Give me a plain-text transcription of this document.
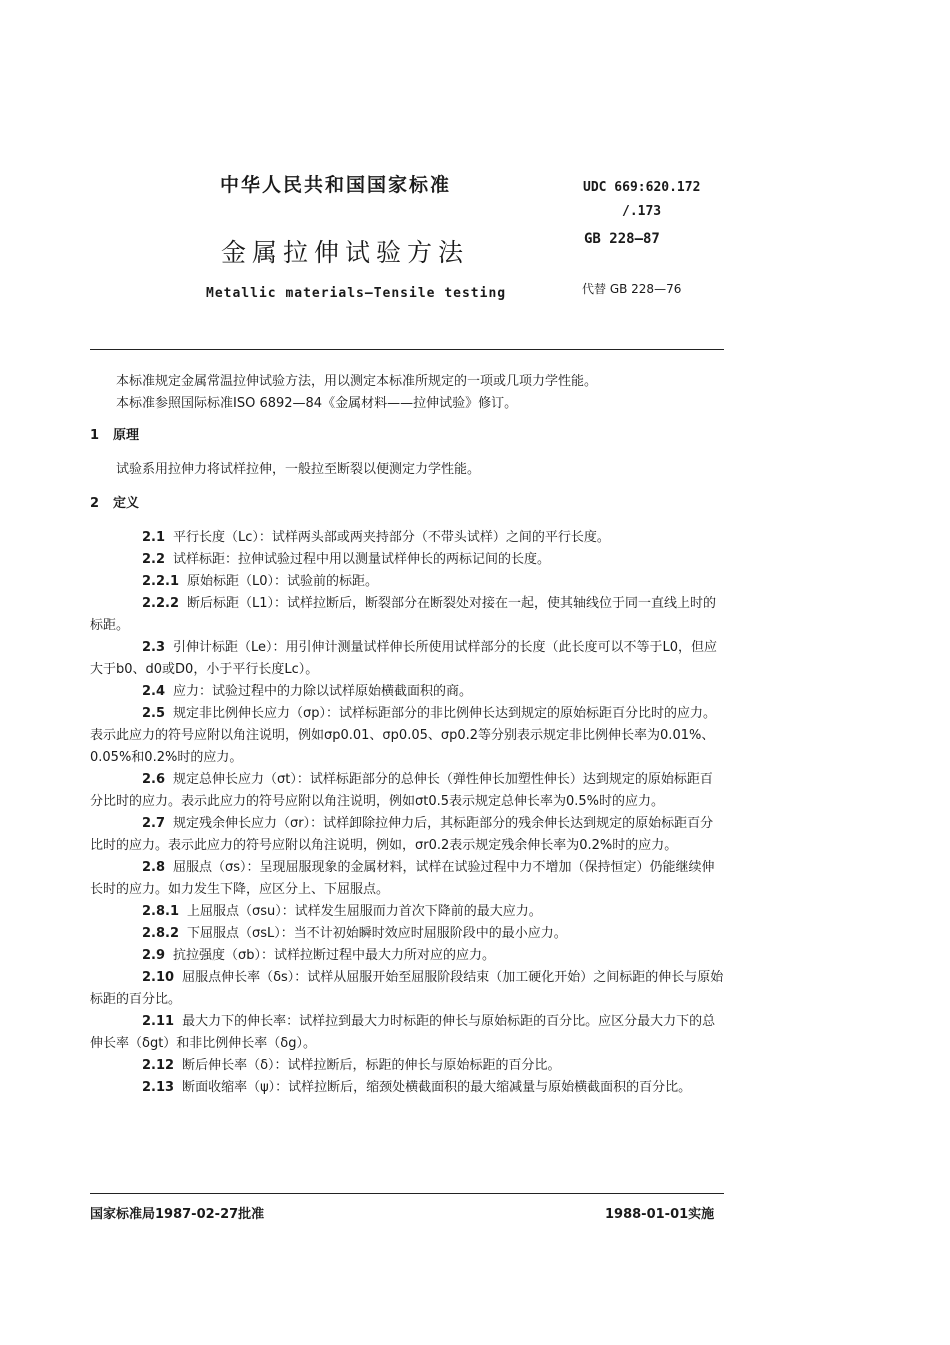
中华人民共和国国家标准	UDC 669:620.172
/.173
金属拉伸试验方法	GB 228—87
Metallic materials—Tensile testing	代替 GB 228—76

本标准规定金属常温拉伸试验方法，用以测定本标准所规定的一项或几项力学性能。

本标准参照国际标准ISO 6892—84《金属材料——拉伸试验》修订。

1 原理

试验系用拉伸力将试样拉伸，一般拉至断裂以便测定力学性能。

2 定义

2.1 平行长度（Lc）：试样两头部或两夹持部分（不带头试样）之间的平行长度。

2.2 试样标距：拉伸试验过程中用以测量试样伸长的两标记间的长度。

2.2.1 原始标距（L0）：试验前的标距。

2.2.2 断后标距（L1）：试样拉断后，断裂部分在断裂处对接在一起，使其轴线位于同一直线上时的标距。

2.3 引伸计标距（Le）：用引伸计测量试样伸长所使用试样部分的长度（此长度可以不等于L0，但应大于b0、d0或D0，小于平行长度Lc）。

2.4 应力：试验过程中的力除以试样原始横截面积的商。

2.5 规定非比例伸长应力（σp）：试样标距部分的非比例伸长达到规定的原始标距百分比时的应力。表示此应力的符号应附以角注说明，例如σp0.01、σp0.05、σp0.2等分别表示规定非比例伸长率为0.01%、0.05%和0.2%时的应力。

2.6 规定总伸长应力（σt）：试样标距部分的总伸长（弹性伸长加塑性伸长）达到规定的原始标距百分比时的应力。表示此应力的符号应附以角注说明，例如σt0.5表示规定总伸长率为0.5%时的应力。

2.7 规定残余伸长应力（σr）：试样卸除拉伸力后，其标距部分的残余伸长达到规定的原始标距百分比时的应力。表示此应力的符号应附以角注说明，例如，σr0.2表示规定残余伸长率为0.2%时的应力。

2.8 屈服点（σs）：呈现屈服现象的金属材料，试样在试验过程中力不增加（保持恒定）仍能继续伸长时的应力。如力发生下降，应区分上、下屈服点。

2.8.1 上屈服点（σsu）：试样发生屈服而力首次下降前的最大应力。

2.8.2 下屈服点（σsL）：当不计初始瞬时效应时屈服阶段中的最小应力。

2.9 抗拉强度（σb）：试样拉断过程中最大力所对应的应力。

2.10 屈服点伸长率（δs）：试样从屈服开始至屈服阶段结束（加工硬化开始）之间标距的伸长与原始标距的百分比。

2.11 最大力下的伸长率：试样拉到最大力时标距的伸长与原始标距的百分比。应区分最大力下的总伸长率（δgt）和非比例伸长率（δg）。

2.12 断后伸长率（δ）：试样拉断后，标距的伸长与原始标距的百分比。

2.13 断面收缩率（ψ）：试样拉断后，缩颈处横截面积的最大缩减量与原始横截面积的百分比。

国家标准局1987-02-27批准	1988-01-01实施
